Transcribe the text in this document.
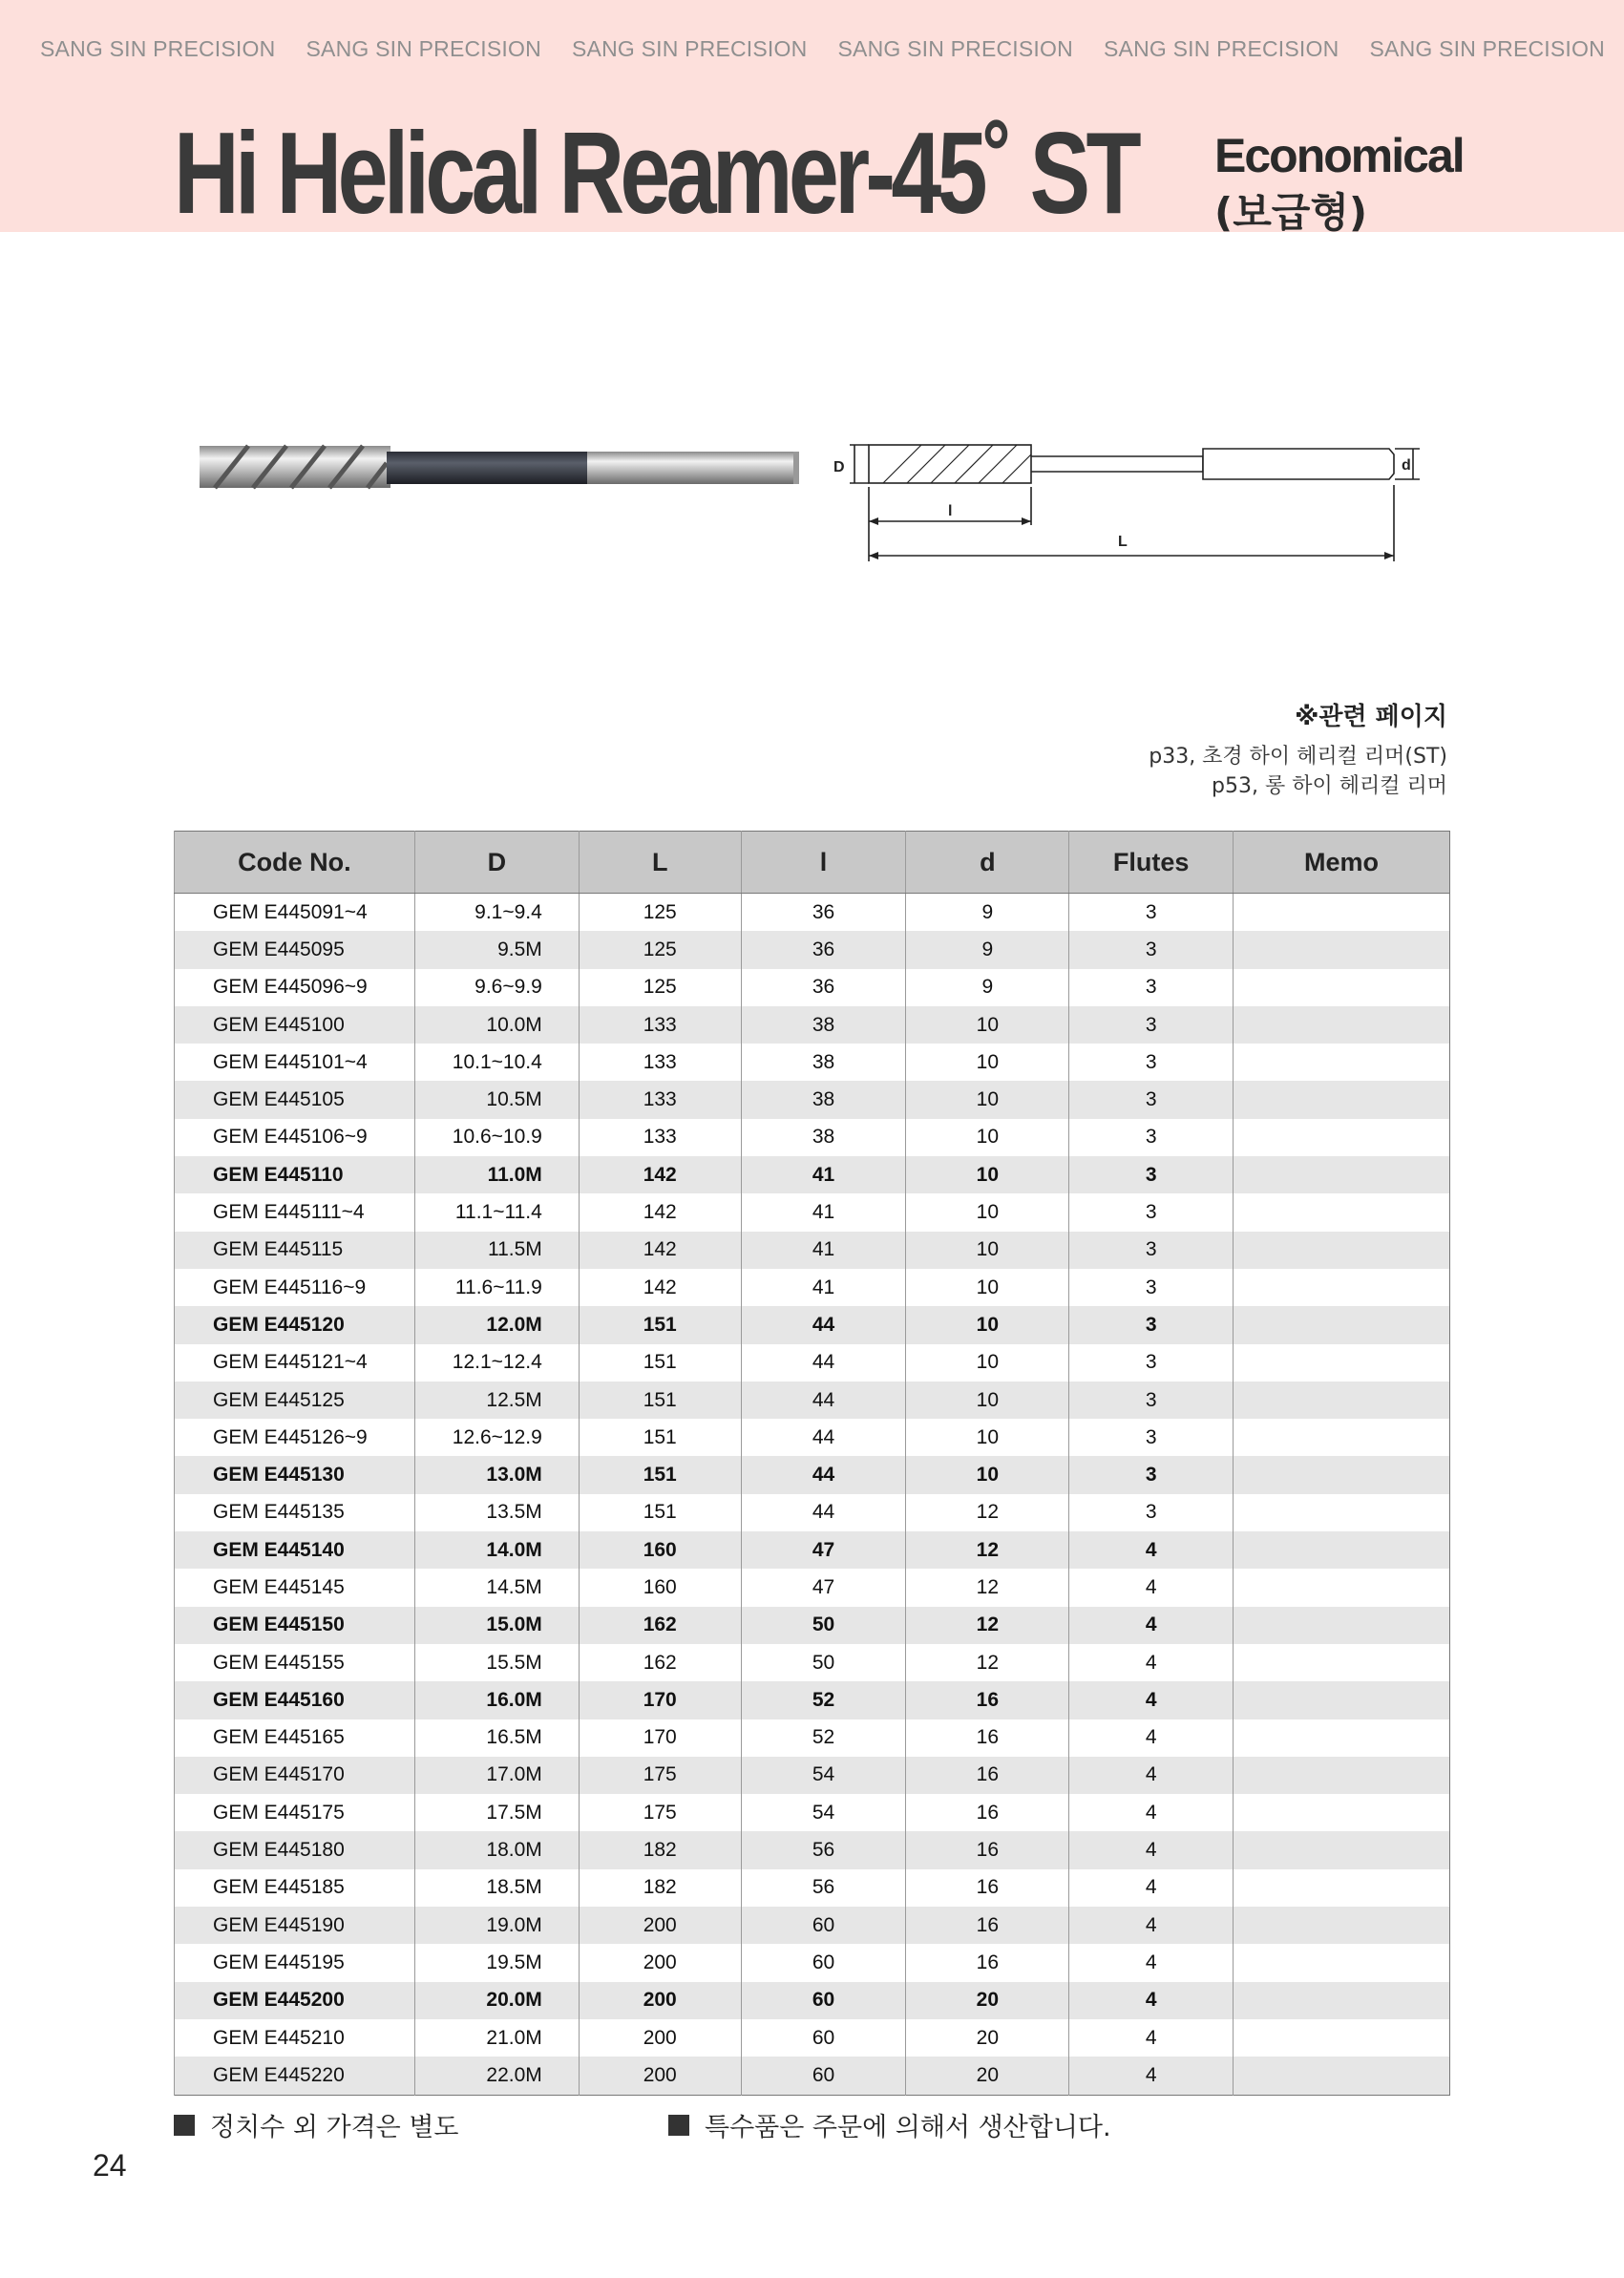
SANG SIN PRECISION SANG SIN PRECISION SANG SIN PRECISION SANG SIN PRECISION SANG SIN PRECISION SANG SIN PRECISION
Hi Helical Reamer-45˚ ST Economical
(보급형)
D	d
l
L
※관련 페이지
p33, 초경 하이 헤리컬 리머(ST)
p53, 롱 하이 헤리컬 리머
Code No.	D	L	l	d	Flutes	Memo
GEM E445091~4	9.1~9.4	125	36	9	3	
GEM E445095	9.5M	125	36	9	3	
GEM E445096~9	9.6~9.9	125	36	9	3	
GEM E445100	10.0M	133	38	10	3	
GEM E445101~4	10.1~10.4	133	38	10	3	
GEM E445105	10.5M	133	38	10	3	
GEM E445106~9	10.6~10.9	133	38	10	3	
GEM E445110	11.0M	142	41	10	3	
GEM E445111~4	11.1~11.4	142	41	10	3	
GEM E445115	11.5M	142	41	10	3	
GEM E445116~9	11.6~11.9	142	41	10	3	
GEM E445120	12.0M	151	44	10	3	
GEM E445121~4	12.1~12.4	151	44	10	3	
GEM E445125	12.5M	151	44	10	3	
GEM E445126~9	12.6~12.9	151	44	10	3	
GEM E445130	13.0M	151	44	10	3	
GEM E445135	13.5M	151	44	12	3	
GEM E445140	14.0M	160	47	12	4	
GEM E445145	14.5M	160	47	12	4	
GEM E445150	15.0M	162	50	12	4	
GEM E445155	15.5M	162	50	12	4	
GEM E445160	16.0M	170	52	16	4	
GEM E445165	16.5M	170	52	16	4	
GEM E445170	17.0M	175	54	16	4	
GEM E445175	17.5M	175	54	16	4	
GEM E445180	18.0M	182	56	16	4	
GEM E445185	18.5M	182	56	16	4	
GEM E445190	19.0M	200	60	16	4	
GEM E445195	19.5M	200	60	16	4	
GEM E445200	20.0M	200	60	20	4	
GEM E445210	21.0M	200	60	20	4	
GEM E445220	22.0M	200	60	20	4	
정치수 외 가격은 별도	특수품은 주문에 의해서 생산합니다.
24
